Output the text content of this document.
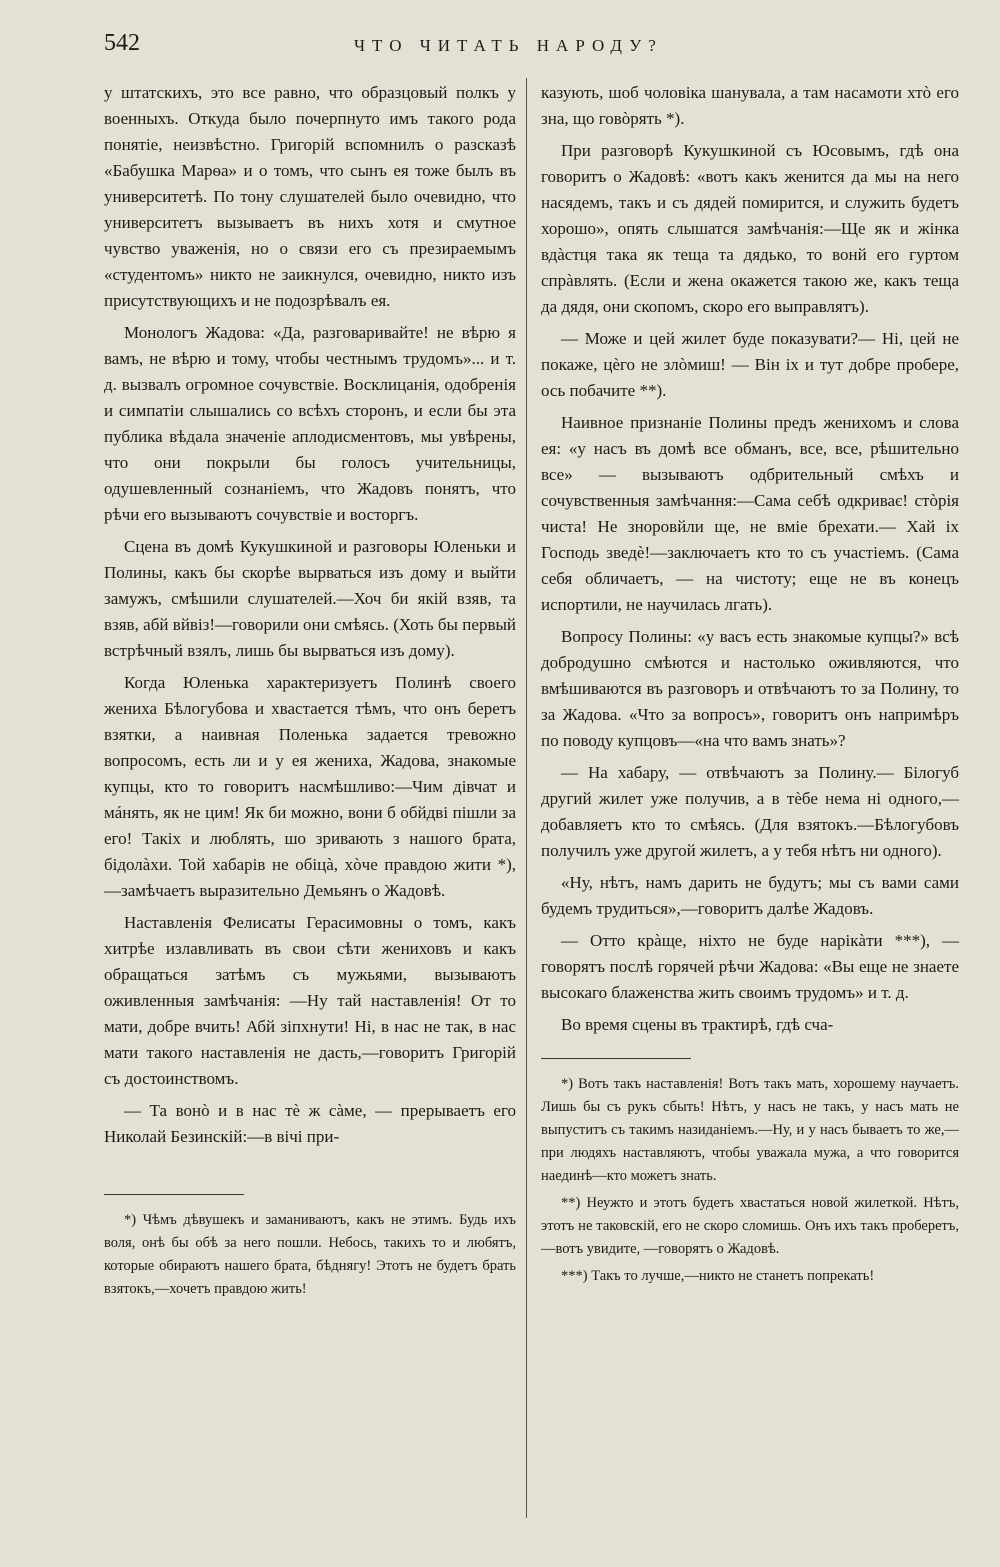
542	ЧТО ЧИТАТЬ НАРОДУ?

у штатскихъ, это все равно, что образцовый полкъ у военныхъ. Откуда было почерпнуто имъ такого рода понятіе, неизвѣстно. Григорій вспомнилъ о разсказѣ «Бабушка Марѳа» и о томъ, что сынъ ея тоже былъ въ университетѣ. По тону слушателей было очевидно, что университетъ вызываетъ въ нихъ хотя и смутное чувство уваженія, но о связи его съ презираемымъ «студентомъ» никто не заикнулся, очевидно, никто изъ присутствующихъ и не подозрѣвалъ ея.

Монологъ Жадова: «Да, разговаривайте! не вѣрю я вамъ, не вѣрю и тому, чтобы честнымъ трудомъ»... и т. д. вызвалъ огромное сочувствіе. Восклицанія, одобренія и симпатіи слышались со всѣхъ сторонъ, и если бы эта публика вѣдала значеніе аплодисментовъ, мы увѣрены, что они покрыли бы голосъ учительницы, одушевленный сознаніемъ, что Жадовъ понятъ, что рѣчи его вызываютъ сочувствіе и восторгъ.

Сцена въ домѣ Кукушкиной и разговоры Юленьки и Полины, какъ бы скорѣе вырваться изъ дому и выйти замужъ, смѣшили слушателей.—Хоч би якій взяв, та взяв, абй вйвіз!—говорили они смѣясь. (Хоть бы первый встрѣчный взялъ, лишь бы вырваться изъ дому).

Когда Юленька характеризуетъ Полинѣ своего жениха Бѣлогубова и хвастается тѣмъ, что онъ беретъ взятки, а наивная Поленька задается тревожно вопросомъ, есть ли и у ея жениха, Жадова, знакомые купцы, кто то говоритъ насмѣшливо:—Чим дівчат и мáнять, як не цим! Як би можно, вони б обйдві пішли за его! Такіх и люблять, шо зривають з нашого брата, бідолàхи. Той хабарів не обіцà, хòче правдою жити *), —замѣчаетъ выразительно Демьянъ о Жадовѣ.

Наставленія Фелисаты Герасимовны о томъ, какъ хитрѣе излавливать въ свои сѣти жениховъ и какъ обращаться затѣмъ съ мужьями, вызываютъ оживленныя замѣчанія: —Ну тай наставленія! От то мати, добре вчить! Абй зіпхнути! Ні, в нас не так, в нас мати такого наставленія не дасть,—говоритъ Григорій съ достоинствомъ.

— Та вонò и в нас тè ж сàме, — прерываетъ его Николай Безинскій:—в вічі при-

*) Чѣмъ дѣвушекъ и заманиваютъ, какъ не этимъ. Будь ихъ воля, онѣ бы обѣ за него пошли. Небось, такихъ то и любятъ, которые обираютъ нашего брата, бѣднягу! Этотъ не будетъ брать взятокъ,—хочетъ правдою жить!

казують, шоб чоловіка шанувала, а там насамоти хтò его зна, що говòрять *).

При разговорѣ Кукушкиной съ Юсовымъ, гдѣ она говоритъ о Жадовѣ: «вотъ какъ женится да мы на него насядемъ, такъ и съ дядей помирится, и служить будетъ хорошо», опять слышатся замѣчанія:—Ще як и жінка вдàстця така як теща та дядько, то вонй его гуртом спрàвлять. (Если и жена окажется такою же, какъ теща да дядя, они скопомъ, скоро его выправлятъ).

— Може и цей жилет буде показувати?— Ні, цей не покаже, цèго не злòмиш! — Він іх и тут добре проберe, ось побачите **).

Наивное признаніе Полины предъ женихомъ и слова ея: «у насъ въ домѣ все обманъ, все, все, рѣшительно все» — вызываютъ одбрительный смѣхъ и сочувственныя замѣчання:—Сама себѣ одкриває! стòрія чиста! Не зноровйли ще, не вміе брехати.— Хай іх Господь зведè!—заключаетъ кто то съ участіемъ. (Сама себя обличаетъ, — на чистоту; еще не въ конецъ испортили, не научилась лгать).

Вопросу Полины: «у васъ есть знакомые купцы?» всѣ добродушно смѣются и настолько оживляются, что вмѣшиваются въ разговоръ и отвѣчаютъ то за Полину, то за Жадова. «Что за вопросъ», говоритъ онъ напримѣръ по поводу купцовъ—«на что вамъ знать»?

— На хабару, — отвѣчаютъ за Полину.— Білогуб другий жилет уже получив, а в тèбе нема ні одного,—добавляетъ кто то смѣясь. (Для взятокъ.—Бѣлогубовъ получилъ уже другой жилетъ, а у тебя нѣтъ ни одного).

«Ну, нѣтъ, намъ дарить не будутъ; мы съ вами сами будемъ трудиться»,—говоритъ далѣе Жадовъ.

— Отто крàще, ніхто не буде нарікàти ***), —говорятъ послѣ горячей рѣчи Жадова: «Вы еще не знаете высокаго блаженства жить своимъ трудомъ» и т. д.

Во время сцены въ трактирѣ, гдѣ сча-

*) Вотъ такъ наставленія! Вотъ такъ мать, хорошему научаетъ. Лишь бы съ рукъ сбыть! Нѣтъ, у насъ не такъ, у насъ мать не выпуститъ съ такимъ назиданіемъ.—Ну, и у насъ бываетъ то же,—при людяхъ наставляютъ, чтобы уважала мужа, а что говорится наединѣ—кто можетъ знать.

**) Неужто и этотъ будетъ хвастаться новой жилеткой. Нѣтъ, этотъ не таковскій, его не скоро сломишь. Онъ ихъ такъ проберетъ,—вотъ увидите, —говорятъ о Жадовѣ.

***) Такъ то лучше,—никто не станетъ попрекать!
